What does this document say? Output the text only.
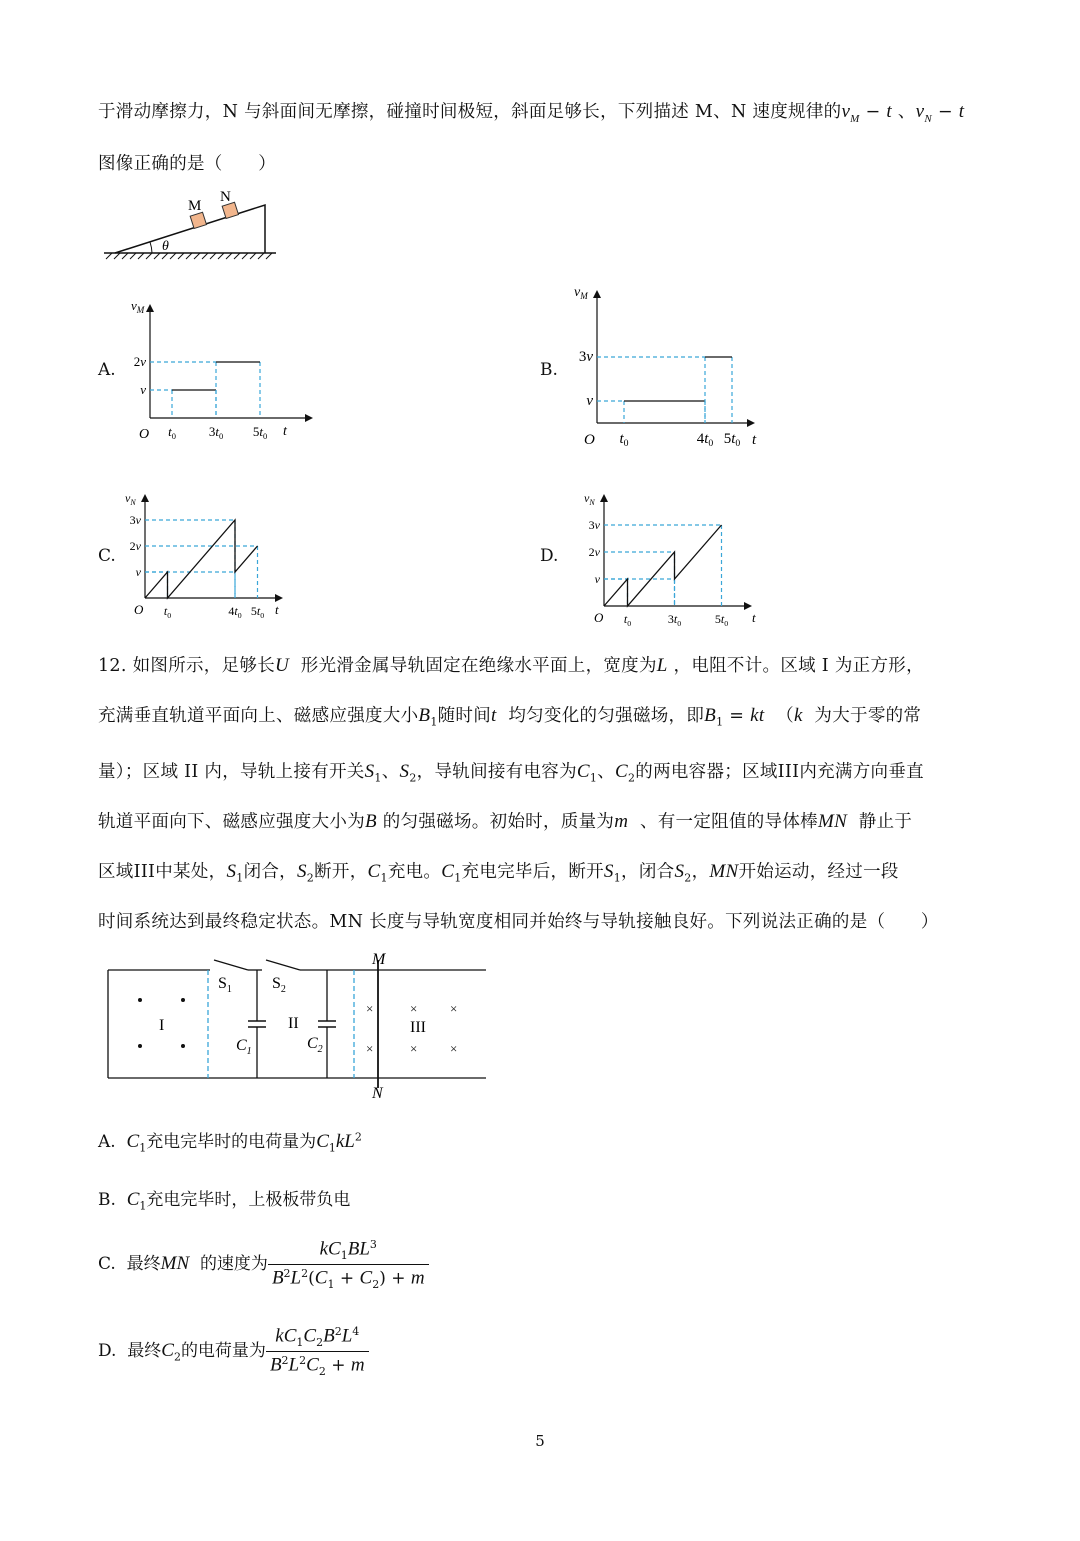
于滑动摩擦力，N 与斜面间无摩擦，碰撞时间极短，斜面足够长，下列描述 M、N 速度规律的$v_M - t$ 、$v_N - t$
图像正确的是（　　）
M
N
θ
A.	B.
C.	D.
$t_0$	$3t_0$ $5t_0$
v
2v
$v_M$
O	t	$t_0$	$4t_0$ $5t_0$
v
3v
$v_M$
O	t
$t_0$	$4t_0$ $5t_0$
v
2v
3v
$v_N$
O	t
$t_0$	$3t_0$	$5t_0$
v
2v
3v
$v_N$
O	t
12. 如图所示，足够长U 形光滑金属导轨固定在绝缘水平面上，宽度为L ，电阻不计。区域 I 为正方形，
充满垂直轨道平面向上、磁感应强度大小$B_1$随时间t 均匀变化的匀强磁场，即$B_1$ = kt （k 为大于零的常
量）；区域 II 内，导轨上接有开关$S_1$、$S_2$，导轨间接有电容为$C_1$、$C_2$的两电容器；区域III内充满方向垂直
轨道平面向下、磁感应强度大小为B 的匀强磁场。初始时，质量为m 、有一定阻值的导体棒MN 静止于
区域III中某处，$S_1$闭合，$S_2$断开，$C_1$充电。$C_1$充电完毕后，断开$S_1$，闭合$S_2$，MN开始运动，经过一段
时间系统达到最终稳定状态。MN 长度与导轨宽度相同并始终与导轨接触良好。下列说法正确的是（　　）
×	×	×
×	×	×
M
N
$S_1$	$S_2$
$C_1$	$C_2$
I	II	III
A. $C_1$充电完毕时的电荷量为$C_1kL^2$
B. $C_1$充电完毕时，上极板带负电
C. 最终MN 的速度为 $\frac{kC_1BL^3}{B^2L^2(C_1 + C_2) + m}$
D. 最终$C_2$的电荷量为 $\frac{kC_1C_2B^2L^4}{B^2L^2C_2 + m}$
5
